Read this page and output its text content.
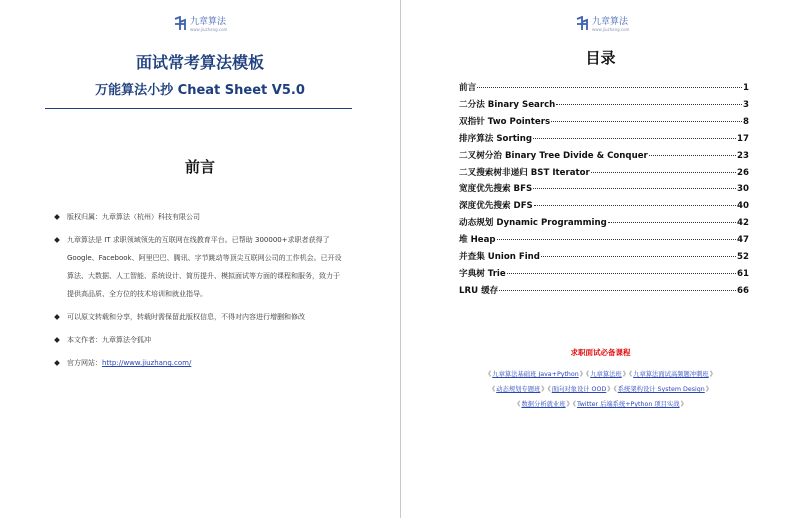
九章算法
www.jiuzhang.com
面试常考算法模板
万能算法小抄 Cheat Sheet V5.0
前言
版权归属：九章算法（杭州）科技有限公司
九章算法是 IT 求职领域领先的互联网在线教育平台。已帮助 300000+求职者获得了 Google、Facebook、阿里巴巴、腾讯、字节跳动等顶尖互联网公司的工作机会。已开设算法、大数据、人工智能、系统设计、简历提升、模拟面试等方面的课程和服务，致力于提供高品质、全方位的技术培训和就业指导。
可以原文转载和分享，转载时需保留此版权信息，不得对内容进行增删和修改
本文作者：九章算法令狐冲
官方网站：http://www.jiuzhang.com/
九章算法
www.jiuzhang.com
目录
前言	1
二分法 Binary Search	3
双指针 Two Pointers	8
排序算法 Sorting	17
二叉树分治 Binary Tree Divide & Conquer	23
二叉搜索树非递归 BST Iterator	26
宽度优先搜索 BFS	30
深度优先搜索 DFS	40
动态规划 Dynamic Programming	42
堆 Heap	47
并查集 Union Find	52
字典树 Trie	61
LRU 缓存	66
求职面试必备课程
《九章算法基础班 Java+Python》《九章算法班》《九章算法面试高频题冲刺班》
《动态规划专题班》《面向对象设计 OOD》《系统架构设计 System Design》
《数据分析就业班》《Twitter 后端系统+Python 项目实战》
